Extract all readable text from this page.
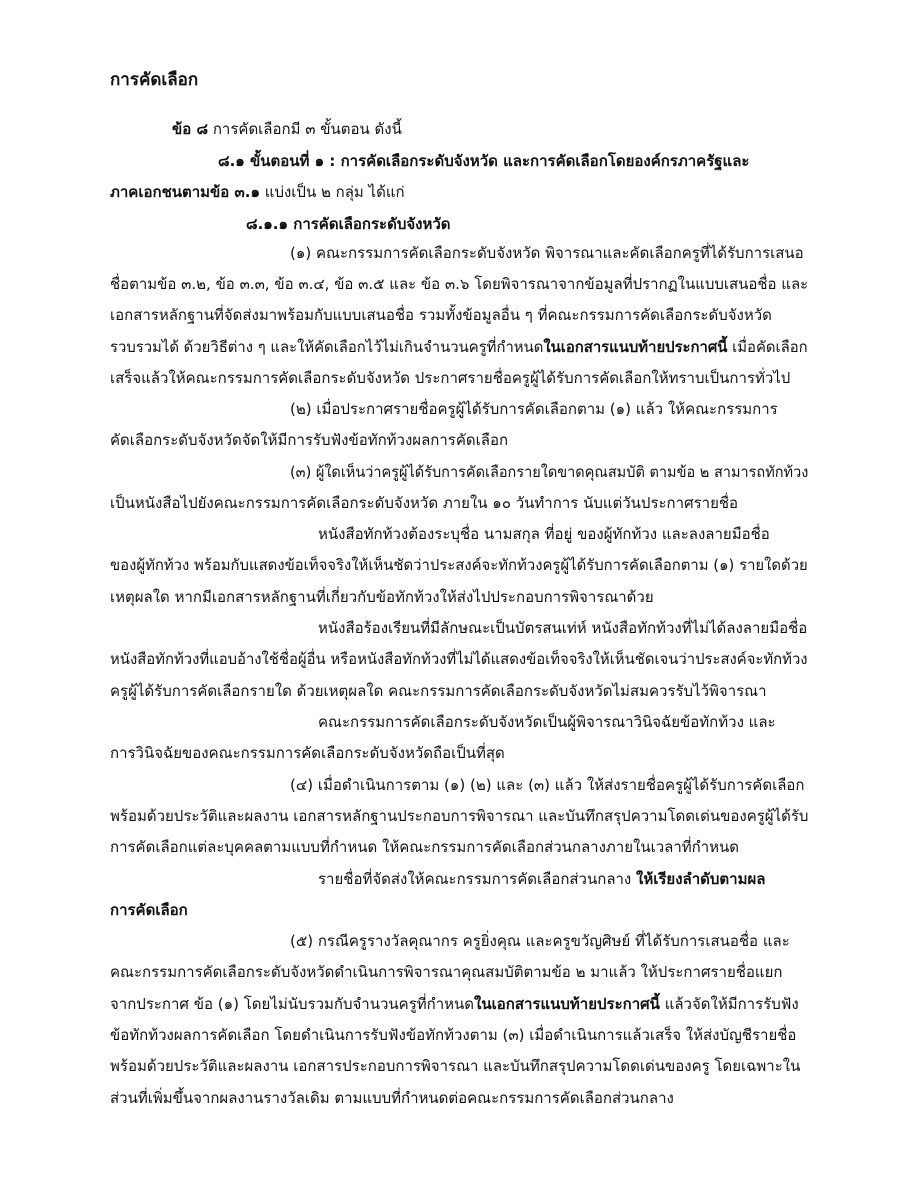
การคัดเลือก
ข้อ ๘ การคัดเลือกมี ๓ ขั้นตอน ดังนี้
๘.๑ ขั้นตอนที่ ๑ : การคัดเลือกระดับจังหวัด และการคัดเลือกโดยองค์กรภาครัฐและ
ภาคเอกชนตามข้อ ๓.๑ แบ่งเป็น ๒ กลุ่ม ได้แก่
๘.๑.๑ การคัดเลือกระดับจังหวัด
(๑) คณะกรรมการคัดเลือกระดับจังหวัด พิจารณาและคัดเลือกครูที่ได้รับการเสนอ
ชื่อตามข้อ ๓.๒, ข้อ ๓.๓, ข้อ ๓.๔, ข้อ ๓.๕ และ ข้อ ๓.๖ โดยพิจารณาจากข้อมูลที่ปรากฏในแบบเสนอชื่อ และ
เอกสารหลักฐานที่จัดส่งมาพร้อมกับแบบเสนอชื่อ รวมทั้งข้อมูลอื่น ๆ ที่คณะกรรมการคัดเลือกระดับจังหวัด
รวบรวมได้ ด้วยวิธีต่าง ๆ และให้คัดเลือกไว้ไม่เกินจำนวนครูที่กำหนดในเอกสารแนบท้ายประกาศนี้ เมื่อคัดเลือก
เสร็จแล้วให้คณะกรรมการคัดเลือกระดับจังหวัด ประกาศรายชื่อครูผู้ได้รับการคัดเลือกให้ทราบเป็นการทั่วไป
(๒) เมื่อประกาศรายชื่อครูผู้ได้รับการคัดเลือกตาม (๑) แล้ว ให้คณะกรรมการ
คัดเลือกระดับจังหวัดจัดให้มีการรับฟังข้อทักท้วงผลการคัดเลือก
(๓) ผู้ใดเห็นว่าครูผู้ได้รับการคัดเลือกรายใดขาดคุณสมบัติ ตามข้อ ๒ สามารถทักท้วง
เป็นหนังสือไปยังคณะกรรมการคัดเลือกระดับจังหวัด ภายใน ๑๐ วันทำการ นับแต่วันประกาศรายชื่อ
หนังสือทักท้วงต้องระบุชื่อ นามสกุล ที่อยู่ ของผู้ทักท้วง และลงลายมือชื่อ
ของผู้ทักท้วง พร้อมกับแสดงข้อเท็จจริงให้เห็นชัดว่าประสงค์จะทักท้วงครูผู้ได้รับการคัดเลือกตาม (๑) รายใดด้วย
เหตุผลใด หากมีเอกสารหลักฐานที่เกี่ยวกับข้อทักท้วงให้ส่งไปประกอบการพิจารณาด้วย
หนังสือร้องเรียนที่มีลักษณะเป็นบัตรสนเท่ห์ หนังสือทักท้วงที่ไม่ได้ลงลายมือชื่อ
หนังสือทักท้วงที่แอบอ้างใช้ชื่อผู้อื่น หรือหนังสือทักท้วงที่ไม่ได้แสดงข้อเท็จจริงให้เห็นชัดเจนว่าประสงค์จะทักท้วง
ครูผู้ได้รับการคัดเลือกรายใด ด้วยเหตุผลใด คณะกรรมการคัดเลือกระดับจังหวัดไม่สมควรรับไว้พิจารณา
คณะกรรมการคัดเลือกระดับจังหวัดเป็นผู้พิจารณาวินิจฉัยข้อทักท้วง และ
การวินิจฉัยของคณะกรรมการคัดเลือกระดับจังหวัดถือเป็นที่สุด
(๔) เมื่อดำเนินการตาม (๑) (๒) และ (๓) แล้ว ให้ส่งรายชื่อครูผู้ได้รับการคัดเลือก
พร้อมด้วยประวัติและผลงาน เอกสารหลักฐานประกอบการพิจารณา และบันทึกสรุปความโดดเด่นของครูผู้ได้รับ
การคัดเลือกแต่ละบุคคลตามแบบที่กำหนด ให้คณะกรรมการคัดเลือกส่วนกลางภายในเวลาที่กำหนด
รายชื่อที่จัดส่งให้คณะกรรมการคัดเลือกส่วนกลาง ให้เรียงลำดับตามผล
การคัดเลือก
(๕) กรณีครูรางวัลคุณากร ครูยิ่งคุณ และครูขวัญศิษย์ ที่ได้รับการเสนอชื่อ และ
คณะกรรมการคัดเลือกระดับจังหวัดดำเนินการพิจารณาคุณสมบัติตามข้อ ๒ มาแล้ว ให้ประกาศรายชื่อแยก
จากประกาศ ข้อ (๑) โดยไม่นับรวมกับจำนวนครูที่กำหนดในเอกสารแนบท้ายประกาศนี้ แล้วจัดให้มีการรับฟัง
ข้อทักท้วงผลการคัดเลือก โดยดำเนินการรับฟังข้อทักท้วงตาม (๓) เมื่อดำเนินการแล้วเสร็จ ให้ส่งบัญชีรายชื่อ
พร้อมด้วยประวัติและผลงาน เอกสารประกอบการพิจารณา และบันทึกสรุปความโดดเด่นของครู โดยเฉพาะใน
ส่วนที่เพิ่มขึ้นจากผลงานรางวัลเดิม ตามแบบที่กำหนดต่อคณะกรรมการคัดเลือกส่วนกลาง
